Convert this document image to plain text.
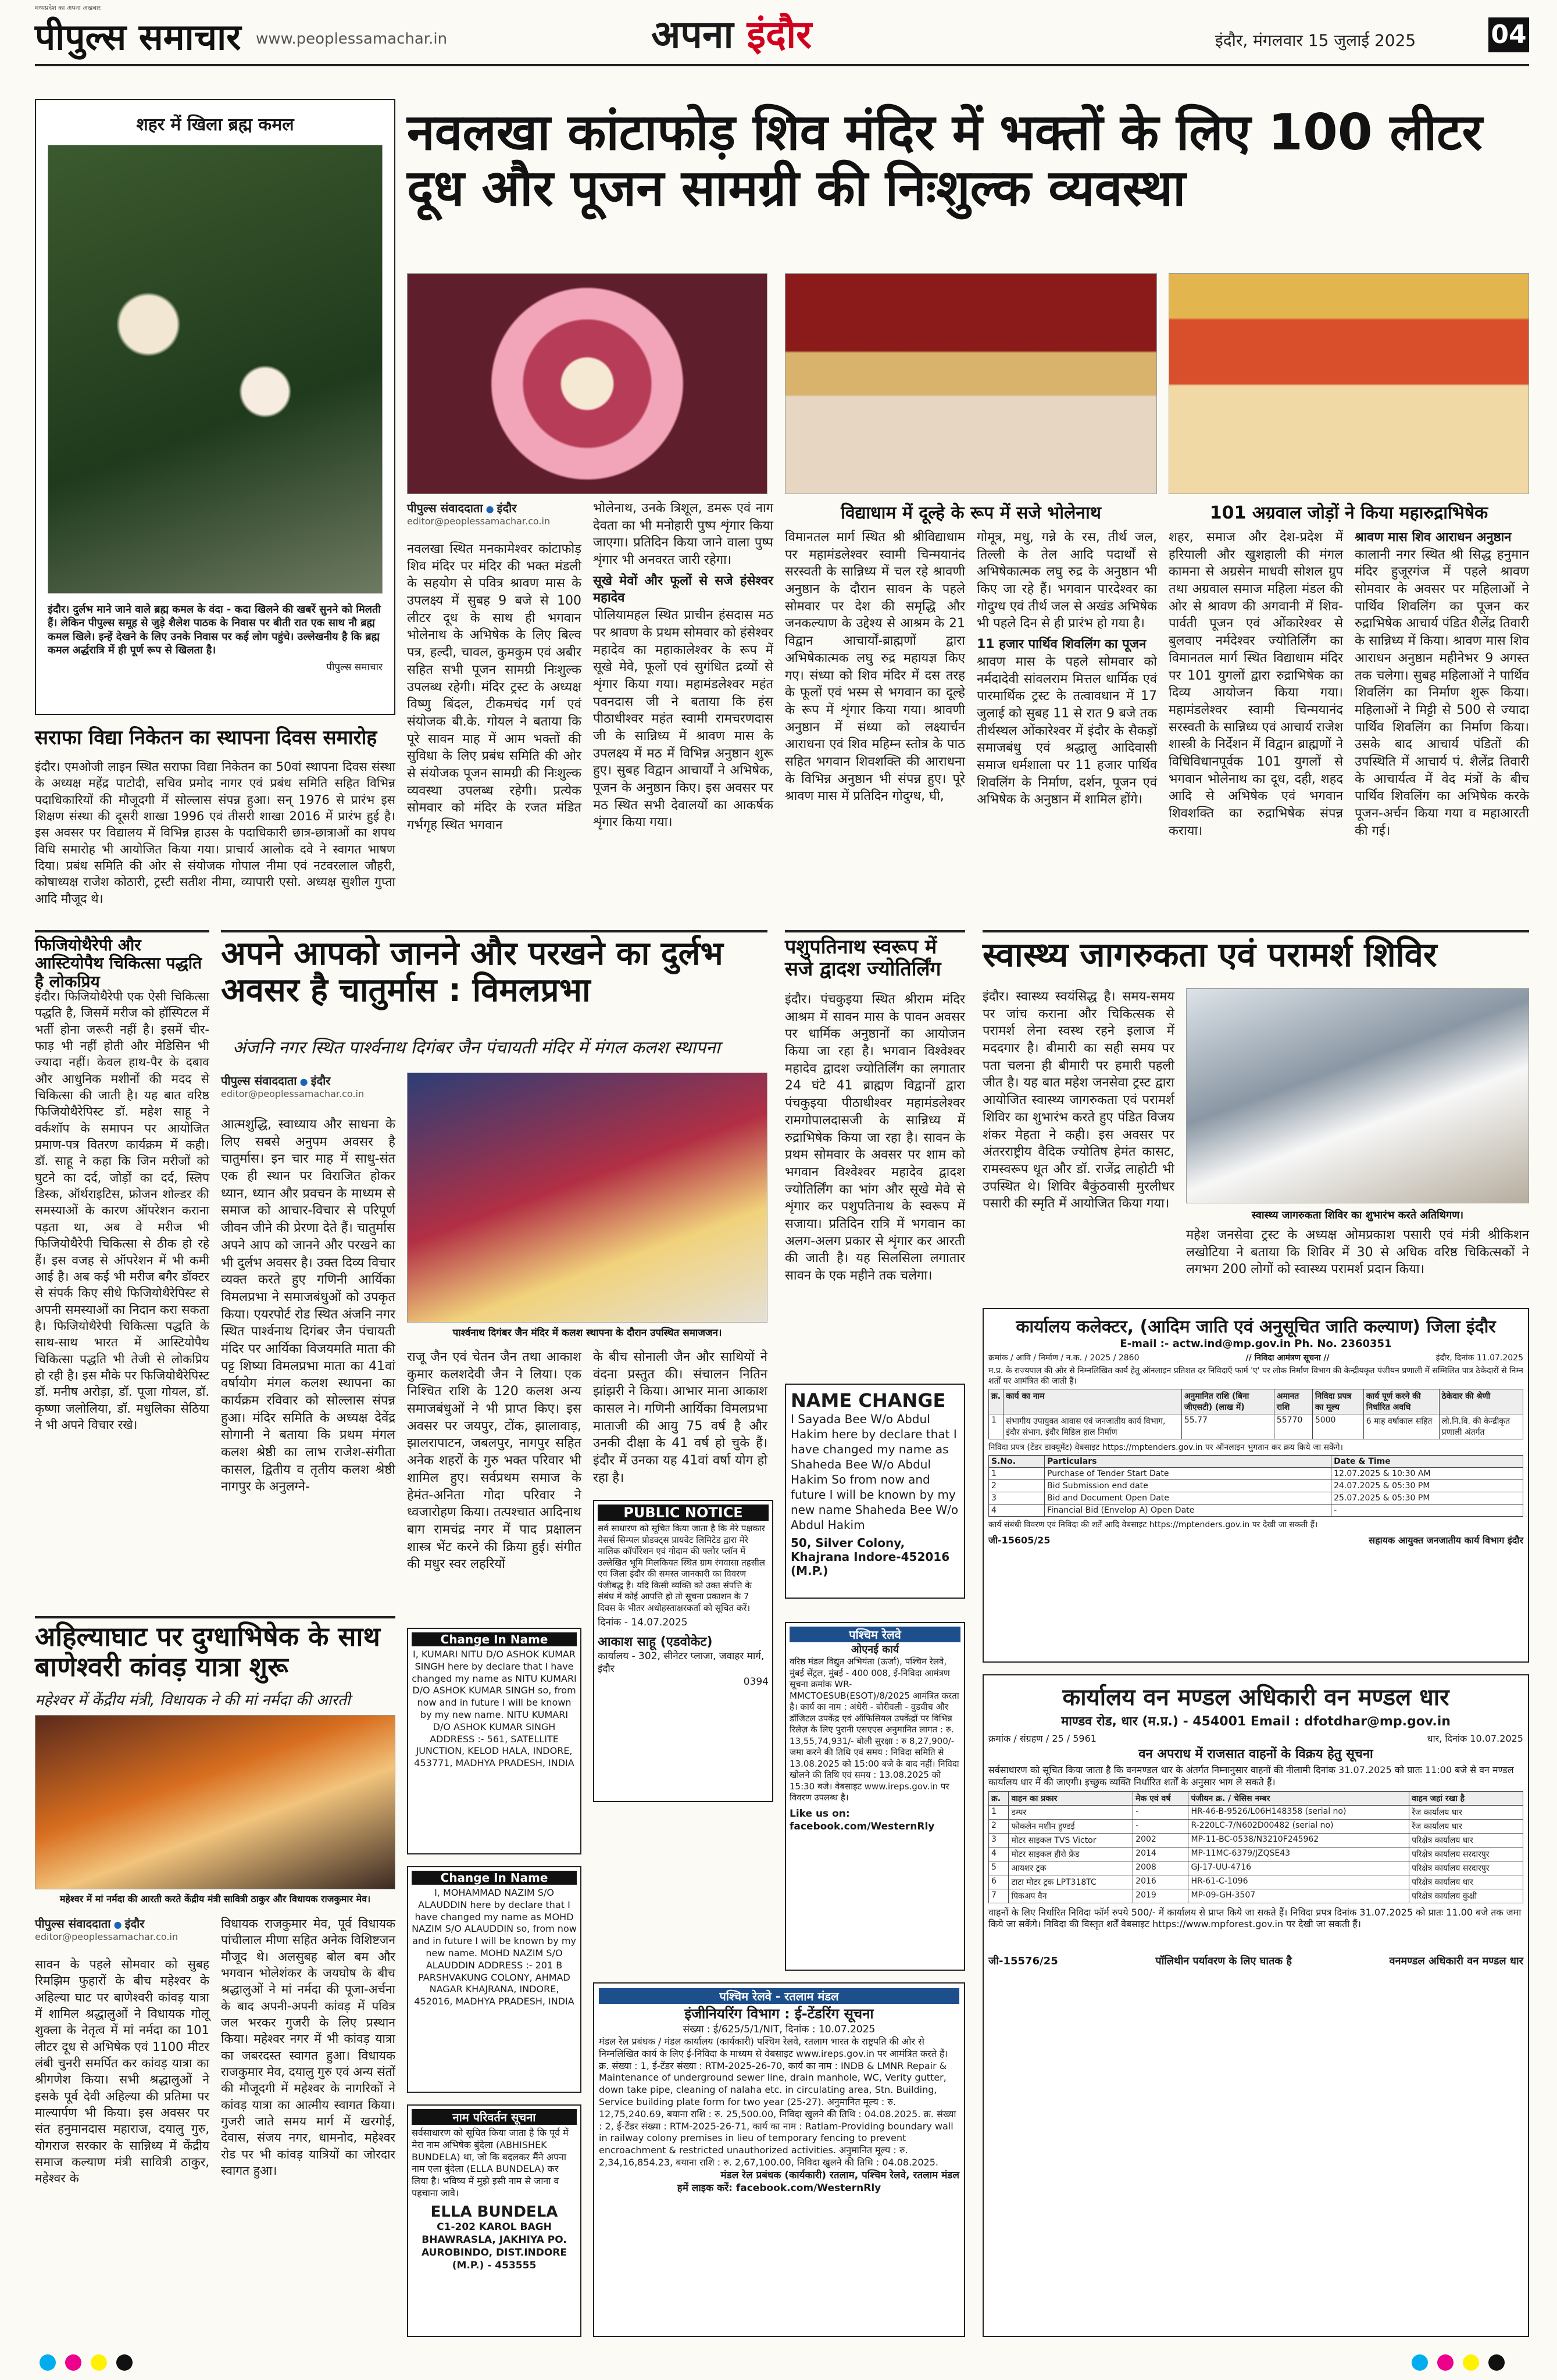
मध्यप्रदेश का अपना अखबार
पीपुल्स समाचार www.peoplessamachar.in	अपना इंदौर	इंदौर, मंगलवार 15 जुलाई 2025	04
शहर में खिला ब्रह्म कमल
इंदौर। दुर्लभ माने जाने वाले ब्रह्म कमल के वंदा - कदा खिलने की खबरें सुनने को मिलती हैं। लेकिन पीपुल्स समूह से जुड़े शैलेश पाठक के निवास पर बीती रात एक साथ नौ ब्रह्म कमल खिले। इन्हें देखने के लिए उनके निवास पर कई लोग पहुंचे। उल्लेखनीय है कि ब्रह्म कमल अर्द्धरात्रि में ही पूर्ण रूप से खिलता है।
पीपुल्स समाचार
नवलखा कांटाफोड़ शिव मंदिर में भक्तों के लिए 100 लीटर दूध और पूजन सामग्री की निःशुल्क व्यवस्था
पीपुल्स संवाददाता ● इंदौर
editor@peoplessamachar.co.in
नवलखा स्थित मनकामेश्वर कांटाफोड़ शिव मंदिर पर मंदिर की भक्त मंडली के सहयोग से पवित्र श्रावण मास के उपलक्ष्य में सुबह 9 बजे से 100 लीटर दूध के साथ ही भगवान भोलेनाथ के अभिषेक के लिए बिल्व पत्र, हल्दी, चावल, कुमकुम एवं अबीर सहित सभी पूजन सामग्री निःशुल्क उपलब्ध रहेगी। मंदिर ट्रस्ट के अध्यक्ष विष्णु बिंदल, टीकमचंद गर्ग एवं संयोजक बी.के. गोयल ने बताया कि पूरे सावन माह में आम भक्तों की सुविधा के लिए प्रबंध समिति की ओर से संयोजक पूजन सामग्री की निःशुल्क व्यवस्था उपलब्ध रहेगी। प्रत्येक सोमवार को मंदिर के रजत मंडित गर्भगृह स्थित भगवान
भोलेनाथ, उनके त्रिशूल, डमरू एवं नाग देवता का भी मनोहारी पुष्प शृंगार किया जाएगा। प्रतिदिन किया जाने वाला पुष्प शृंगार भी अनवरत जारी रहेगा।
सूखे मेवों और फूलों से सजे हंसेश्वर महादेव
पोलियामहल स्थित प्राचीन हंसदास मठ पर श्रावण के प्रथम सोमवार को हंसेश्वर महादेव का महाकालेश्वर के रूप में सूखे मेवे, फूलों एवं सुगंधित द्रव्यों से शृंगार किया गया। महामंडलेश्वर महंत पवनदास जी ने बताया कि हंस पीठाधीश्वर महंत स्वामी रामचरणदास जी के सान्निध्य में श्रावण मास के उपलक्ष्य में मठ में विभिन्न अनुष्ठान शुरू हुए। सुबह विद्वान आचार्यों ने अभिषेक, पूजन के अनुष्ठान किए। इस अवसर पर मठ स्थित सभी देवालयों का आकर्षक शृंगार किया गया।
विद्याधाम में दूल्हे के रूप में सजे भोलेनाथ
विमानतल मार्ग स्थित श्री श्रीविद्याधाम पर महामंडलेश्वर स्वामी चिन्मयानंद सरस्वती के सान्निध्य में चल रहे श्रावणी अनुष्ठान के दौरान सावन के पहले सोमवार पर देश की समृद्धि और जनकल्याण के उद्देश्य से आश्रम के 21 विद्वान आचार्यों-ब्राह्मणों द्वारा अभिषेकात्मक लघु रुद्र महायज्ञ किए गए। संध्या को शिव मंदिर में दस तरह के फूलों एवं भस्म से भगवान का दूल्हे के रूप में शृंगार किया गया। श्रावणी अनुष्ठान में संध्या को लक्ष्यार्चन आराधना एवं शिव महिम्न स्तोत्र के पाठ सहित भगवान शिवशक्ति की आराधना के विभिन्न अनुष्ठान भी संपन्न हुए। पूरे श्रावण मास में प्रतिदिन गोदुग्ध, घी,
गोमूत्र, मधु, गन्ने के रस, तीर्थ जल, तिल्ली के तेल आदि पदार्थों से अभिषेकात्मक लघु रुद्र के अनुष्ठान भी किए जा रहे हैं। भगवान पारदेश्वर का गोदुग्ध एवं तीर्थ जल से अखंड अभिषेक भी पहले दिन से ही प्रारंभ हो गया है।
11 हजार पार्थिव शिवलिंग का पूजन
श्रावण मास के पहले सोमवार को नर्मदादेवी सांवलराम मित्तल धार्मिक एवं पारमार्थिक ट्रस्ट के तत्वावधान में 17 जुलाई को सुबह 11 से रात 9 बजे तक तीर्थस्थल ओंकारेश्वर में इंदौर के सैकड़ों समाजबंधु एवं श्रद्धालु आदिवासी समाज धर्मशाला पर 11 हजार पार्थिव शिवलिंग के निर्माण, दर्शन, पूजन एवं अभिषेक के अनुष्ठान में शामिल होंगे।
101 अग्रवाल जोड़ों ने किया महारुद्राभिषेक
शहर, समाज और देश-प्रदेश में हरियाली और खुशहाली की मंगल कामना से अग्रसेन माधवी सोशल ग्रुप तथा अग्रवाल समाज महिला मंडल की ओर से श्रावण की अगवानी में शिव-पार्वती पूजन एवं ओंकारेश्वर से बुलवाए नर्मदेश्वर ज्योतिर्लिंग का विमानतल मार्ग स्थित विद्याधाम मंदिर पर 101 युगलों द्वारा रुद्राभिषेक का दिव्य आयोजन किया गया। महामंडलेश्वर स्वामी चिन्मयानंद सरस्वती के सान्निध्य एवं आचार्य राजेश शास्त्री के निर्देशन में विद्वान ब्राह्मणों ने विधिविधानपूर्वक 101 युगलों से भगवान भोलेनाथ का दूध, दही, शहद आदि से अभिषेक एवं भगवान शिवशक्ति का रुद्राभिषेक संपन्न कराया।
श्रावण मास शिव आराधन अनुष्ठान
कालानी नगर स्थित श्री सिद्ध हनुमान मंदिर हुजूरगंज में पहले श्रावण सोमवार के अवसर पर महिलाओं ने पार्थिव शिवलिंग का पूजन कर रुद्राभिषेक आचार्य पंडित शैलेंद्र तिवारी के सान्निध्य में किया। श्रावण मास शिव आराधन अनुष्ठान महीनेभर 9 अगस्त तक चलेगा। सुबह महिलाओं ने पार्थिव शिवलिंग का निर्माण शुरू किया। महिलाओं ने मिट्टी से 500 से ज्यादा पार्थिव शिवलिंग का निर्माण किया। उसके बाद आचार्य पंडितों की उपस्थिति में आचार्य पं. शैलेंद्र तिवारी के आचार्यत्व में वेद मंत्रों के बीच पार्थिव शिवलिंग का अभिषेक करके पूजन-अर्चन किया गया व महाआरती की गई।
सराफा विद्या निकेतन का स्थापना दिवस समारोह
इंदौर। एमओजी लाइन स्थित सराफा विद्या निकेतन का 50वां स्थापना दिवस संस्था के अध्यक्ष महेंद्र पाटोदी, सचिव प्रमोद नागर एवं प्रबंध समिति सहित विभिन्न पदाधिकारियों की मौजूदगी में सोल्लास संपन्न हुआ। सन् 1976 से प्रारंभ इस शिक्षण संस्था की दूसरी शाखा 1996 एवं तीसरी शाखा 2016 में प्रारंभ हुई है। इस अवसर पर विद्यालय में विभिन्न हाउस के पदाधिकारी छात्र-छात्राओं का शपथ विधि समारोह भी आयोजित किया गया। प्राचार्य आलोक दवे ने स्वागत भाषण दिया। प्रबंध समिति की ओर से संयोजक गोपाल नीमा एवं नटवरलाल जौहरी, कोषाध्यक्ष राजेश कोठारी, ट्रस्टी सतीश नीमा, व्यापारी एसो. अध्यक्ष सुशील गुप्ता आदि मौजूद थे।
फिजियोथैरेपी और आस्टियोपैथ चिकित्सा पद्धति है लोकप्रिय
इंदौर। फिजियोथैरेपी एक ऐसी चिकित्सा पद्धति है, जिसमें मरीज को हॉस्पिटल में भर्ती होना जरूरी नहीं है। इसमें चीर-फाड़ भी नहीं होती और मेडिसिन भी ज्यादा नहीं। केवल हाथ-पैर के दबाव और आधुनिक मशीनों की मदद से चिकित्सा की जाती है। यह बात वरिष्ठ फिजियोथैरेपिस्ट डॉ. महेश साहू ने वर्कशॉप के समापन पर आयोजित प्रमाण-पत्र वितरण कार्यक्रम में कही। डॉ. साहू ने कहा कि जिन मरीजों को घुटने का दर्द, जोड़ों का दर्द, स्लिप डिस्क, ऑर्थराइटिस, फ्रोजन शोल्डर की समस्याओं के कारण ऑपरेशन कराना पड़ता था, अब वे मरीज भी फिजियोथैरेपी चिकित्सा से ठीक हो रहे हैं। इस वजह से ऑपरेशन में भी कमी आई है। अब कई भी मरीज बगैर डॉक्टर से संपर्क किए सीधे फिजियोथैरेपिस्ट से अपनी समस्याओं का निदान करा सकता है। फिजियोथैरेपी चिकित्सा पद्धति के साथ-साथ भारत में आस्टियोपैथ चिकित्सा पद्धति भी तेजी से लोकप्रिय हो रही है। इस मौके पर फिजियोथैरेपिस्ट डॉ. मनीष अरोड़ा, डॉ. पूजा गोयल, डॉ. कृष्णा जलोलिया, डॉ. मधुलिका सेठिया ने भी अपने विचार रखे।
अपने आपको जानने और परखने का दुर्लभ अवसर है चातुर्मास : विमलप्रभा
अंजनि नगर स्थित पार्श्वनाथ दिगंबर जैन पंचायती मंदिर में मंगल कलश स्थापना
पीपुल्स संवाददाता ● इंदौर
editor@peoplessamachar.co.in
आत्मशुद्धि, स्वाध्याय और साधना के लिए सबसे अनुपम अवसर है चातुर्मास। इन चार माह में साधु-संत एक ही स्थान पर विराजित होकर ध्यान, ध्यान और प्रवचन के माध्यम से समाज को आचार-विचार से परिपूर्ण जीवन जीने की प्रेरणा देते हैं। चातुर्मास अपने आप को जानने और परखने का भी दुर्लभ अवसर है। उक्त दिव्य विचार व्यक्त करते हुए गणिनी आर्यिका विमलप्रभा ने समाजबंधुओं को उपकृत किया। एयरपोर्ट रोड स्थित अंजनि नगर स्थित पार्श्वनाथ दिगंबर जैन पंचायती मंदिर पर आर्यिका विजयमति माता की पट्ट शिष्या विमलप्रभा माता का 41वां वर्षायोग मंगल कलश स्थापना का कार्यक्रम रविवार को सोल्लास संपन्न हुआ। मंदिर समिति के अध्यक्ष देवेंद्र सोगानी ने बताया कि प्रथम मंगल कलश श्रेष्ठी का लाभ राजेश-संगीता कासल, द्वितीय व तृतीय कलश श्रेष्ठी नागपुर के अनुलग्ने-
पार्श्वनाथ दिगंबर जैन मंदिर में कलश स्थापना के दौरान उपस्थित समाजजन।
राजू जैन एवं चेतन जैन तथा आकाश कुमार कलशदेवी जैन ने लिया। एक निश्चित राशि के 120 कलश अन्य समाजबंधुओं ने भी प्राप्त किए। इस अवसर पर जयपुर, टोंक, झालावाड़, झालरापाटन, जबलपुर, नागपुर सहित अनेक शहरों के गुरु भक्त परिवार भी शामिल हुए। सर्वप्रथम समाज के हेमंत-अनिता गोदा परिवार ने ध्वजारोहण किया। तत्पश्चात आदिनाथ बाग रामचंद्र नगर में पाद प्रक्षालन शास्त्र भेंट करने की क्रिया हुई। संगीत की मधुर स्वर लहरियों
के बीच सोनाली जैन और साथियों ने वंदना प्रस्तुत की। संचालन नितिन झांझरी ने किया। आभार माना आकाश कासल ने। गणिनी आर्यिका विमलप्रभा माताजी की आयु 75 वर्ष है और उनकी दीक्षा के 41 वर्ष हो चुके हैं। इंदौर में उनका यह 41वां वर्षा योग हो रहा है।
पशुपतिनाथ स्वरूप में सजे द्वादश ज्योतिर्लिंग
इंदौर। पंचकुइया स्थित श्रीराम मंदिर आश्रम में सावन मास के पावन अवसर पर धार्मिक अनुष्ठानों का आयोजन किया जा रहा है। भगवान विश्वेश्वर महादेव द्वादश ज्योतिर्लिंग का लगातार 24 घंटे 41 ब्राह्मण विद्वानों द्वारा पंचकुइया पीठाधीश्वर महामंडलेश्वर रामगोपालदासजी के सान्निध्य में रुद्राभिषेक किया जा रहा है। सावन के प्रथम सोमवार के अवसर पर शाम को भगवान विश्वेश्वर महादेव द्वादश ज्योतिर्लिंग का भांग और सूखे मेवे से शृंगार कर पशुपतिनाथ के स्वरूप में सजाया। प्रतिदिन रात्रि में भगवान का अलग-अलग प्रकार से शृंगार कर आरती की जाती है। यह सिलसिला लगातार सावन के एक महीने तक चलेगा।
NAME CHANGE
I Sayada Bee W/o Abdul Hakim here by declare that I have changed my name as Shaheda Bee W/o Abdul Hakim So from now and future I will be known by my new name Shaheda Bee W/o Abdul Hakim
50, Silver Colony, Khajrana Indore-452016 (M.P.)
स्वास्थ्य जागरुकता एवं परामर्श शिविर
इंदौर। स्वास्थ्य स्वयंसिद्ध है। समय-समय पर जांच कराना और चिकित्सक से परामर्श लेना स्वस्थ रहने इलाज में मददगार है। बीमारी का सही समय पर पता चलना ही बीमारी पर हमारी पहली जीत है। यह बात महेश जनसेवा ट्रस्ट द्वारा आयोजित स्वास्थ्य जागरुकता एवं परामर्श शिविर का शुभारंभ करते हुए पंडित विजय शंकर मेहता ने कही। इस अवसर पर अंतरराष्ट्रीय वैदिक ज्योतिष हेमंत कासट, रामस्वरूप धूत और डॉ. राजेंद्र लाहोटी भी उपस्थित थे। शिविर बैकुंठवासी मुरलीधर पसारी की स्मृति में आयोजित किया गया।
स्वास्थ्य जागरुकता शिविर का शुभारंभ करते अतिथिगण।
महेश जनसेवा ट्रस्ट के अध्यक्ष ओमप्रकाश पसारी एवं मंत्री श्रीकिशन लखोटिया ने बताया कि शिविर में 30 से अधिक वरिष्ठ चिकित्सकों ने लगभग 200 लोगों को स्वास्थ्य परामर्श प्रदान किया।
कार्यालय कलेक्टर, (आदिम जाति एवं अनुसूचित जाति कल्याण) जिला इंदौर
E-mail :- actw.ind@mp.gov.in Ph. No. 2360351
क्रमांक / आवि / निर्माण / न.क. / 2025 / 2860	// निविदा आमंत्रण सूचना //	इंदौर, दिनांक 11.07.2025
म.प्र. के राज्यपाल की ओर से निम्नलिखित कार्य हेतु ऑनलाइन प्रतिशत दर निविदाएँ फार्म 'ए' पर लोक निर्माण विभाग की केन्द्रीयकृत पंजीयन प्रणाली में सम्मिलित पात्र ठेकेदारों से निम्न शर्तों पर आमंत्रित की जाती हैं।
क्र.	कार्य का नाम	अनुमानित राशि (बिना जीएसटी) (लाख में)	अमानत राशि	निविदा प्रपत्र का मूल्य	कार्य पूर्ण करने की निर्धारित अवधि	ठेकेदार की श्रेणी
1	संभागीय उपायुक्त आवास एवं जनजातीय कार्य विभाग, इंदौर संभाग, इंदौर मिडिल हाल निर्माण	55.77	55770	5000	6 माह वर्षाकाल सहित	लो.नि.वि. की केन्द्रीकृत प्रणाली अंतर्गत
निविदा प्रपत्र (टेंडर डाक्यूमेंट) वेबसाइट https://mptenders.gov.in पर ऑनलाइन भुगतान कर क्रय किये जा सकेंगे।
S.No.	Particulars	Date & Time
1	Purchase of Tender Start Date	12.07.2025 & 10:30 AM
2	Bid Submission end date	24.07.2025 & 05:30 PM
3	Bid and Document Open Date	25.07.2025 & 05:30 PM
4	Financial Bid (Envelop A) Open Date	-
कार्य संबंधी विवरण एवं निविदा की शर्तें आदि वेबसाइट https://mptenders.gov.in पर देखी जा सकती हैं।
जी-15605/25	सहायक आयुक्त जनजातीय कार्य विभाग इंदौर
अहिल्याघाट पर दुग्धाभिषेक के साथ बाणेश्वरी कांवड़ यात्रा शुरू
महेश्वर में केंद्रीय मंत्री, विधायक ने की मां नर्मदा की आरती
महेश्वर में मां नर्मदा की आरती करते केंद्रीय मंत्री सावित्री ठाकुर और विधायक राजकुमार मेव।
पीपुल्स संवाददाता ● इंदौर
editor@peoplessamachar.co.in
सावन के पहले सोमवार को सुबह रिमझिम फुहारों के बीच महेश्वर के अहिल्या घाट पर बाणेश्वरी कांवड़ यात्रा में शामिल श्रद्धालुओं ने विधायक गोलू शुक्ला के नेतृत्व में मां नर्मदा का 101 लीटर दूध से अभिषेक एवं 1100 मीटर लंबी चुनरी समर्पित कर कांवड़ यात्रा का श्रीगणेश किया। सभी श्रद्धालुओं ने इसके पूर्व देवी अहिल्या की प्रतिमा पर माल्यार्पण भी किया। इस अवसर पर संत हनुमानदास महाराज, दयालु गुरु, योगराज सरकार के सान्निध्य में केंद्रीय समाज कल्याण मंत्री सावित्री ठाकुर, महेश्वर के
विधायक राजकुमार मेव, पूर्व विधायक पांचीलाल मीणा सहित अनेक विशिष्टजन मौजूद थे। अलसुबह बोल बम और भगवान भोलेशंकर के जयघोष के बीच श्रद्धालुओं ने मां नर्मदा की पूजा-अर्चना के बाद अपनी-अपनी कांवड़ में पवित्र जल भरकर गुजरी के लिए प्रस्थान किया। महेश्वर नगर में भी कांवड़ यात्रा का जबरदस्त स्वागत हुआ। विधायक राजकुमार मेव, दयालु गुरु एवं अन्य संतों की मौजूदगी में महेश्वर के नागरिकों ने कांवड़ यात्रा का आत्मीय स्वागत किया। गुजरी जाते समय मार्ग में खरगोई, देवास, संजय नगर, धामनोद, महेश्वर रोड पर भी कांवड़ यात्रियों का जोरदार स्वागत हुआ।
PUBLIC NOTICE
सर्व साधारण को सूचित किया जाता है कि मेरे पक्षकार मेसर्स सिम्पल प्रोडक्ट्स प्रायवेट लिमिटेड द्वारा मेरे मालिक कॉर्पोरेशन एवं गोदाम की फ्लोर प्लॉन में उल्लेखित भूमि मिलकियत स्थित ग्राम रंगवासा तहसील एवं जिला इंदौर की समस्त जानकारी का विवरण पंजीबद्ध है। यदि किसी व्यक्ति को उक्त संपत्ति के संबंध में कोई आपत्ति हो तो सूचना प्रकाशन के 7 दिवस के भीतर अधोहस्ताक्षरकर्ता को सूचित करें।
दिनांक - 14.07.2025
आकाश साहू (एडवोकेट)
कार्यालय - 302, सीनेटर प्लाजा, जवाहर मार्ग, इंदौर
0394
Change In Name
I, KUMARI NITU D/O ASHOK KUMAR SINGH here by declare that I have changed my name as NITU KUMARI D/O ASHOK KUMAR SINGH so, from now and in future I will be known by my new name. NITU KUMARI D/O ASHOK KUMAR SINGH ADDRESS :- 561, SATELLITE JUNCTION, KELOD HALA, INDORE, 453771, MADHYA PRADESH, INDIA
Change In Name
I, MOHAMMAD NAZIM S/O ALAUDDIN here by declare that I have changed my name as MOHD NAZIM S/O ALAUDDIN so, from now and in future I will be known by my new name. MOHD NAZIM S/O ALAUDDIN ADDRESS :- 201 B PARSHVAKUNG COLONY, AHMAD NAGAR KHAJRANA, INDORE, 452016, MADHYA PRADESH, INDIA
नाम परिवर्तन सूचना
सर्वसाधारण को सूचित किया जाता है कि पूर्व में मेरा नाम अभिषेक बुंदेला (ABHISHEK BUNDELA) था, जो कि बदलकर मैंने अपना नाम एला बुंदेला (ELLA BUNDELA) कर लिया है। भविष्य में मुझे इसी नाम से जाना व पहचाना जावे।
ELLA BUNDELA
C1-202 KAROL BAGH BHAWRASLA, JAKHIYA PO. AUROBINDO, DIST.INDORE (M.P.) - 453555
पश्चिम रेलवे
ओएनई कार्य
वरिष्ठ मंडल विद्युत अभियंता (ऊर्जा), पश्चिम रेलवे, मुंबई सेंट्रल, मुंबई - 400 008, ई-निविदा आमंत्रण सूचना क्रमांक WR-MMCTOESUB(ESOT)/8/2025 आमंत्रित करता है। कार्य का नाम : अंधेरी - बोरीवली - वुडवीच और डॉजिटल उपकेंद्र एवं ऑफिसियल उपकेंद्रों पर विभिन्न रिलेज़ के लिए पुरानी एसएएस अनुमानित लागत : रु. 13,55,74,931/- बोली सुरक्षा : रु 8,27,900/- जमा करने की तिथि एवं समय : निविदा समिति से 13.08.2025 को 15:00 बजे के बाद नहीं। निविदा खोलने की तिथि एवं समय : 13.08.2025 को 15:30 बजे। वेबसाइट www.ireps.gov.in पर विवरण उपलब्ध है।
Like us on: facebook.com/WesternRly
पश्चिम रेलवे - रतलाम मंडल
इंजीनियरिंग विभाग : ई-टेंडरिंग सूचना
संख्या : ई/625/5/1/NIT, दिनांक : 10.07.2025
मंडल रेल प्रबंधक / मंडल कार्यालय (कार्यकारी) पश्चिम रेलवे, रतलाम भारत के राष्ट्रपति की ओर से निम्नलिखित कार्य के लिए ई-निविदा के माध्यम से वेबसाइट www.ireps.gov.in पर आमंत्रित करते हैं। क्र. संख्या : 1, ई-टेंडर संख्या : RTM-2025-26-70, कार्य का नाम : INDB & LMNR Repair & Maintenance of underground sewer line, drain manhole, WC, Verity gutter, down take pipe, cleaning of nalaha etc. in circulating area, Stn. Building, Service building plate form for two year (25-27). अनुमानित मूल्य : रु. 12,75,240.69, बयाना राशि : रु. 25,500.00, निविदा खुलने की तिथि : 04.08.2025. क्र. संख्या : 2, ई-टेंडर संख्या : RTM-2025-26-71, कार्य का नाम : Ratlam-Providing boundary wall in railway colony premises in lieu of temporary fencing to prevent encroachment & restricted unauthorized activities. अनुमानित मूल्य : रु. 2,34,16,854.23, बयाना राशि : रु. 2,67,100.00, निविदा खुलने की तिथि : 04.08.2025.
मंडल रेल प्रबंधक (कार्यकारी) रतलाम, पश्चिम रेलवे, रतलाम मंडल
हमें लाइक करें: facebook.com/WesternRly
कार्यालय वन मण्डल अधिकारी वन मण्डल धार
माण्डव रोड, धार (म.प्र.) - 454001 Email : dfotdhar@mp.gov.in
क्रमांक / संग्रहण / 25 / 5961	धार, दिनांक 10.07.2025
वन अपराध में राजसात वाहनों के विक्रय हेतु सूचना
सर्वसाधारण को सूचित किया जाता है कि वनमण्डल धार के अंतर्गत निम्नानुसार वाहनों की नीलामी दिनांक 31.07.2025 को प्रातः 11:00 बजे से वन मण्डल कार्यालय धार में की जाएगी। इच्छुक व्यक्ति निर्धारित शर्तों के अनुसार भाग ले सकते हैं।
क्र.	वाहन का प्रकार	मेक एवं वर्ष	पंजीयन क्र. / चेसिस नम्बर	वाहन जहां रखा है
1	डम्पर	-	HR-46-B-9526/L06H148358 (serial no)	रेंज कार्यालय धार
2	फोकलेन मशीन हुण्डई	-	R-220LC-7/N602D00482 (serial no)	रेंज कार्यालय धार
3	मोटर साइकल TVS Victor	2002	MP-11-BC-0538/N3210F245962	परिक्षेत्र कार्यालय धार
4	मोटर साइकल हीरो फ्रेंड	2014	MP-11MC-6379/JZQSE43	परिक्षेत्र कार्यालय सरदारपुर
5	आयशर ट्रक	2008	GJ-17-UU-4716	परिक्षेत्र कार्यालय सरदारपुर
6	टाटा मोटर ट्रक LPT318TC	2016	HR-61-C-1096	परिक्षेत्र कार्यालय धार
7	पिकअप वैन	2019	MP-09-GH-3507	परिक्षेत्र कार्यालय कुक्षी
वाहनों के लिए निर्धारित निविदा फॉर्म रुपये 500/- में कार्यालय से प्राप्त किये जा सकते हैं। निविदा प्रपत्र दिनांक 31.07.2025 को प्रातः 11.00 बजे तक जमा किये जा सकेंगे। निविदा की विस्तृत शर्तें वेबसाइट https://www.mpforest.gov.in पर देखी जा सकती हैं।
जी-15576/25	पॉलिथीन पर्यावरण के लिए घातक है	वनमण्डल अधिकारी वन मण्डल धार
